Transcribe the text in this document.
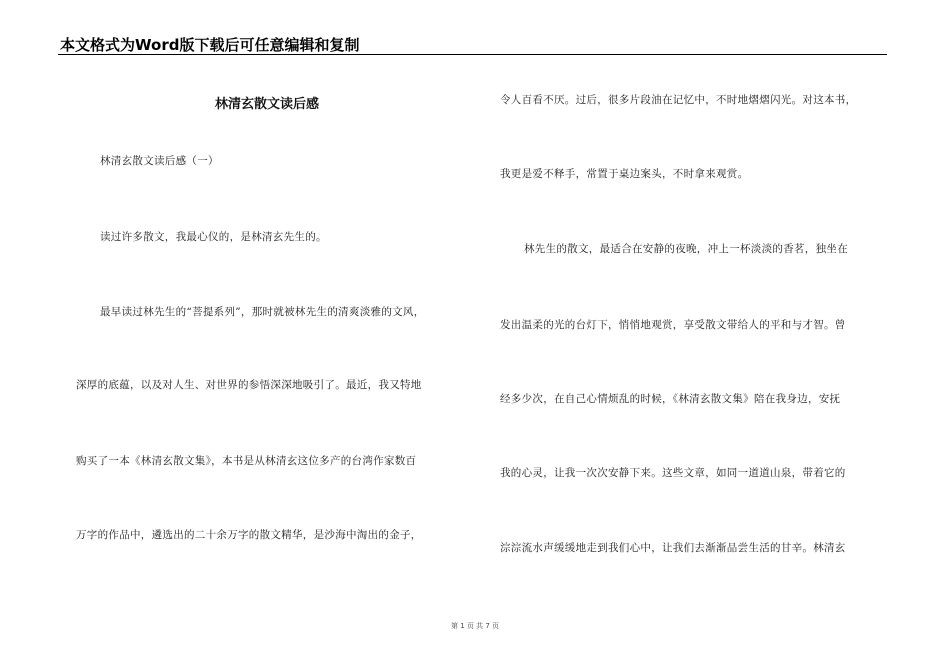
本文格式为Word版下载后可任意编辑和复制
林清玄散文读后感
林清玄散文读后感（一）
读过许多散文，我最心仪的，是林清玄先生的。
最早读过林先生的“菩提系列”，那时就被林先生的清爽淡雅的文风，
深厚的底蕴，以及对人生、对世界的参悟深深地吸引了。最近，我又特地
购买了一本《林清玄散文集》，本书是从林清玄这位多产的台湾作家数百
万字的作品中，遴选出的二十余万字的散文精华，是沙海中淘出的金子，
令人百看不厌。过后，很多片段油在记忆中，不时地熠熠闪光。对这本书，
我更是爱不释手，常置于桌边案头，不时拿来观赏。
林先生的散文，最适合在安静的夜晚，冲上一杯淡淡的香茗，独坐在
发出温柔的光的台灯下，悄悄地观赏，享受散文带给人的平和与才智。曾
经多少次，在自己心情烦乱的时候，《林清玄散文集》陪在我身边，安抚
我的心灵，让我一次次安静下来。这些文章，如同一道道山泉，带着它的
淙淙流水声缓缓地走到我们心中，让我们去渐渐品尝生活的甘辛。林清玄
第 1 页 共 7 页
